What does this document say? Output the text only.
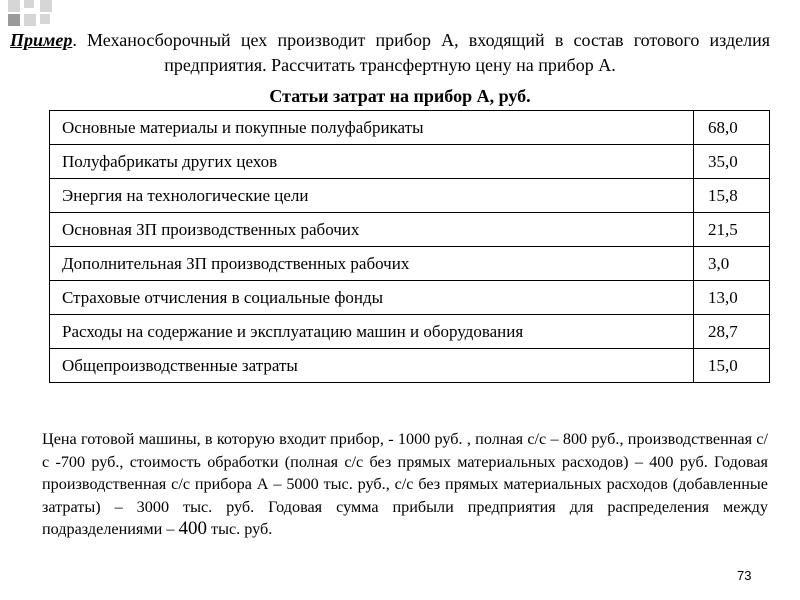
Пример. Механосборочный цех производит прибор А, входящий в состав готового изделия предприятия. Рассчитать трансфертную цену на прибор А.
Статьи затрат на прибор А, руб.
Основные материалы и покупные полуфабрикаты	68,0
Полуфабрикаты других цехов	35,0
Энергия на технологические цели	15,8
Основная ЗП производственных рабочих	21,5
Дополнительная ЗП производственных рабочих	3,0
Страховые отчисления в социальные фонды	13,0
Расходы на содержание и эксплуатацию машин и оборудования	28,7
Общепроизводственные затраты	15,0
Цена готовой машины, в которую входит прибор, - 1000 руб. , полная с/с – 800 руб., производственная с/с -700 руб., стоимость обработки (полная с/с без прямых материальных расходов) – 400 руб. Годовая производственная с/с прибора А – 5000 тыс. руб., с/с без прямых материальных расходов (добавленные затраты) – 3000 тыс. руб. Годовая сумма прибыли предприятия для распределения между подразделениями – 400 тыс. руб.
73
